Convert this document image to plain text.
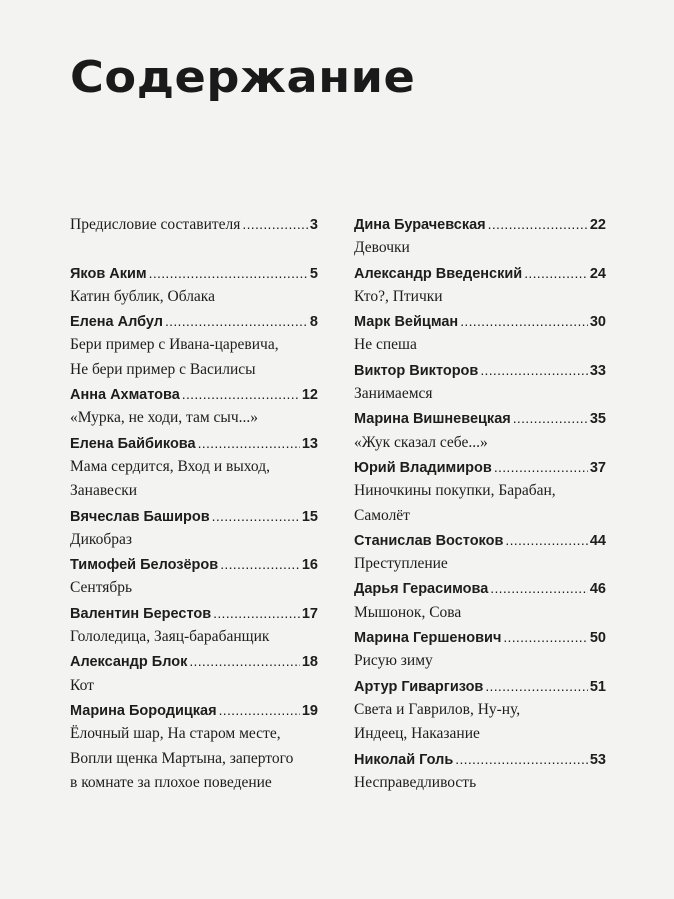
Содержание
Предисловие составителя .....	3
Яков Аким .....	5
Катин бублик, Облака
Елена Албул .....	8
Бери пример с Ивана-царевича,
Не бери пример с Василисы
Анна Ахматова .....	12
«Мурка, не ходи, там сыч...»
Елена Байбикова .....	13
Мама сердится, Вход и выход,
Занавески
Вячеслав Баширов .....	15
Дикобраз
Тимофей Белозёров .....	16
Сентябрь
Валентин Берестов .....	17
Гололедица, Заяц-барабанщик
Александр Блок .....	18
Кот
Марина Бородицкая .....	19
Ёлочный шар, На старом месте,
Вопли щенка Мартына, запертого
в комнате за плохое поведение
Дина Бурачевская .....	22
Девочки
Александр Введенский .....	24
Кто?, Птички
Марк Вейцман .....	30
Не спеша
Виктор Викторов .....	33
Занимаемся
Марина Вишневецкая .....	35
«Жук сказал себе...»
Юрий Владимиров .....	37
Ниночкины покупки, Барабан,
Самолёт
Станислав Востоков .....	44
Преступление
Дарья Герасимова .....	46
Мышонок, Сова
Марина Гершенович .....	50
Рисую зиму
Артур Гиваргизов .....	51
Света и Гаврилов, Ну-ну,
Индеец, Наказание
Николай Голь .....	53
Несправедливость
